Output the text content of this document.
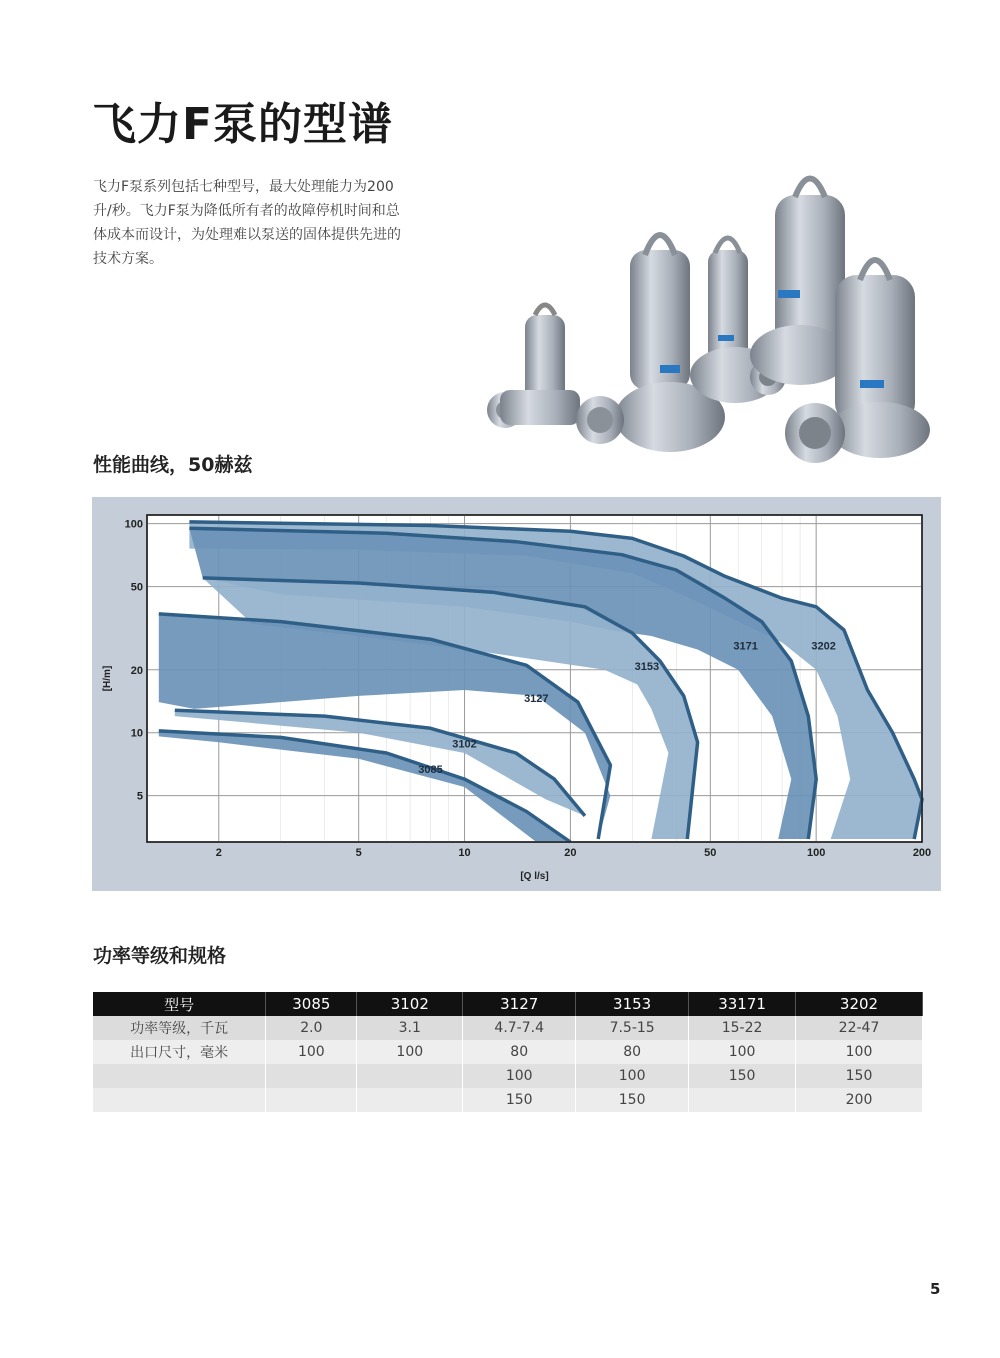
飞力F泵的型谱

飞力F泵系列包括七种型号，最大处理能力为200 升/秒。飞力F泵为降低所有者的故障停机时间和总体成本而设计，为处理难以泵送的固体提供先进的 技术方案。

性能曲线，50赫兹
3085
3102
3127
3153
3171	3202
2	5	10	20	50	100	200
5
10
20
50
100
[Q l/s]
[H/m]
功率等级和规格
型号	3085	3102	3127	3153	33171	3202
功率等级，千瓦	2.0	3.1	4.7-7.4	7.5-15	15-22	22-47
出口尺寸，毫米	100	100	80	80	100	100
			100	100	150	150
			150	150		200
5
